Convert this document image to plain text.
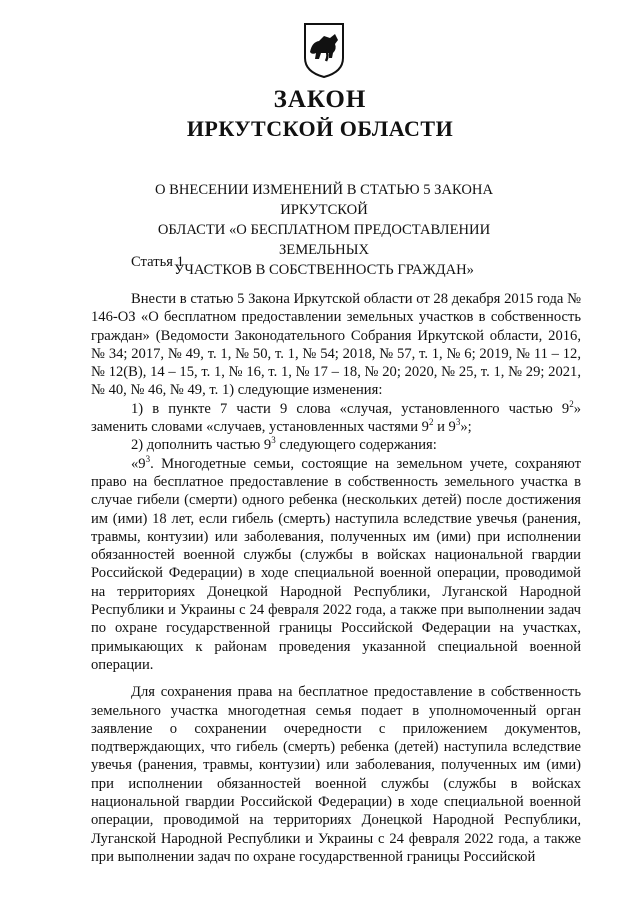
ЗАКОН
ИРКУТСКОЙ ОБЛАСТИ
О ВНЕСЕНИИ ИЗМЕНЕНИЙ В СТАТЬЮ 5 ЗАКОНА ИРКУТСКОЙ
ОБЛАСТИ «О БЕСПЛАТНОМ ПРЕДОСТАВЛЕНИИ ЗЕМЕЛЬНЫХ
УЧАСТКОВ В СОБСТВЕННОСТЬ ГРАЖДАН»
Статья 1

Внести в статью 5 Закона Иркутской области от 28 декабря 2015 года № 146-ОЗ «О бесплатном предоставлении земельных участков в собственность граждан» (Ведомости Законодательного Собрания Иркутской области, 2016, № 34; 2017, № 49, т. 1, № 50, т. 1, № 54; 2018, № 57, т. 1, № 6; 2019, № 11 – 12, № 12(В), 14 – 15, т. 1, № 16, т. 1, № 17 – 18, № 20; 2020, № 25, т. 1, № 29; 2021, № 40, № 46, № 49, т. 1) следующие изменения:

1) в пункте 7 части 9 слова «случая, установленного частью $9^2$» заменить словами «случаев, установленных частями $9^2$ и $9^3$»;

2) дополнить частью $9^3$ следующего содержания:

«$9^3$. Многодетные семьи, состоящие на земельном учете, сохраняют право на бесплатное предоставление в собственность земельного участка в случае гибели (смерти) одного ребенка (нескольких детей) после достижения им (ими) 18 лет, если гибель (смерть) наступила вследствие увечья (ранения, травмы, контузии) или заболевания, полученных им (ими) при исполнении обязанностей военной службы (службы в войсках национальной гвардии Российской Федерации) в ходе специальной военной операции, проводимой на территориях Донецкой Народной Республики, Луганской Народной Республики и Украины с 24 февраля 2022 года, а также при выполнении задач по охране государственной границы Российской Федерации на участках, примыкающих к районам проведения указанной специальной военной операции.

Для сохранения права на бесплатное предоставление в собственность земельного участка многодетная семья подает в уполномоченный орган заявление о сохранении очередности с приложением документов, подтверждающих, что гибель (смерть) ребенка (детей) наступила вследствие увечья (ранения, травмы, контузии) или заболевания, полученных им (ими) при исполнении обязанностей военной службы (службы в войсках национальной гвардии Российской Федерации) в ходе специальной военной операции, проводимой на территориях Донецкой Народной Республики, Луганской Народной Республики и Украины с 24 февраля 2022 года, а также при выполнении задач по охране государственной границы Российской
